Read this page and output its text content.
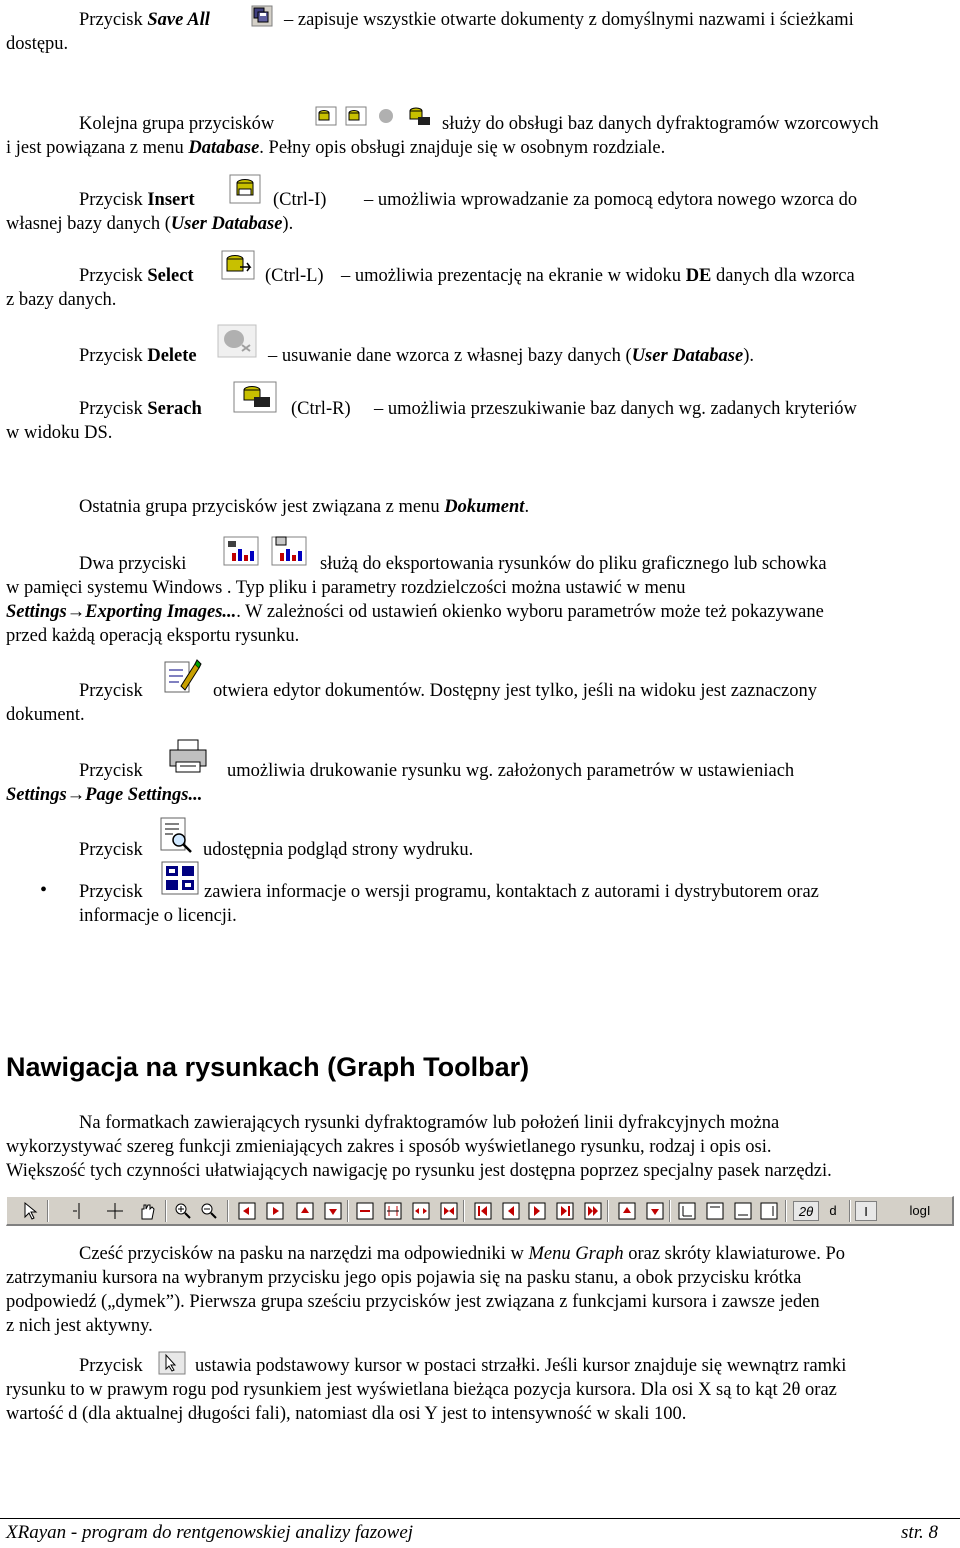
Przycisk Save All	– zapisuje wszystkie otwarte dokumenty z domyślnymi nazwami i ścieżkami
dostępu.
Kolejna grupa przycisków	służy do obsługi baz danych dyfraktogramów wzorcowych
i jest powiązana z menu Database. Pełny opis obsługi znajduje się w osobnym rozdziale.
Przycisk Insert	(Ctrl-I) – umożliwia wprowadzanie za pomocą edytora nowego wzorca do
własnej bazy danych (User Database).
Przycisk Select	(Ctrl-L) – umożliwia prezentację na ekranie w widoku DE danych dla wzorca
z bazy danych.
Przycisk Delete	– usuwanie dane wzorca z własnej bazy danych (User Database).
Przycisk Serach	(Ctrl-R) – umożliwia przeszukiwanie baz danych wg. zadanych kryteriów
w widoku DS.
Ostatnia grupa przycisków jest związana z menu Dokument.
Dwa przyciski	służą do eksportowania rysunków do pliku graficznego lub schowka
w pamięci systemu Windows . Typ pliku i parametry rozdzielczości można ustawić w menu
Settings→Exporting Images.... W zależności od ustawień okienko wyboru parametrów może też pokazywane
przed każdą operacją eksportu rysunku.
Przycisk	otwiera edytor dokumentów. Dostępny jest tylko, jeśli na widoku jest zaznaczony
dokument.
Przycisk	umożliwia drukowanie rysunku wg. założonych parametrów w ustawieniach
Settings→Page Settings...
Przycisk	udostępnia podgląd strony wydruku.
• Przycisk	zawiera informacje o wersji programu, kontaktach z autorami i dystrybutorem oraz
informacje o licencji.
Nawigacja na rysunkach (Graph Toolbar)
Na formatkach zawierających rysunki dyfraktogramów lub położeń linii dyfrakcyjnych można
wykorzystywać szereg funkcji zmieniających zakres i sposób wyświetlanego rysunku, rodzaj i opis osi.
Większość tych czynności ułatwiających nawigację po rysunku jest dostępna poprzez specjalny pasek narzędzi.
2θ	d	I	logI
Cześć przycisków na pasku na narzędzi ma odpowiedniki w Menu Graph oraz skróty klawiaturowe. Po
zatrzymaniu kursora na wybranym przycisku jego opis pojawia się na pasku stanu, a obok przycisku krótka
podpowiedź („dymek”). Pierwsza grupa sześciu przycisków jest związana z funkcjami kursora i zawsze jeden
z nich jest aktywny.
Przycisk	ustawia podstawowy kursor w postaci strzałki. Jeśli kursor znajduje się wewnątrz ramki
rysunku to w prawym rogu pod rysunkiem jest wyświetlana bieżąca pozycja kursora. Dla osi X są to kąt 2θ oraz
wartość d (dla aktualnej długości fali), natomiast dla osi Y jest to intensywność w skali 100.
XRayan - program do rentgenowskiej analizy fazowej	str. 8
